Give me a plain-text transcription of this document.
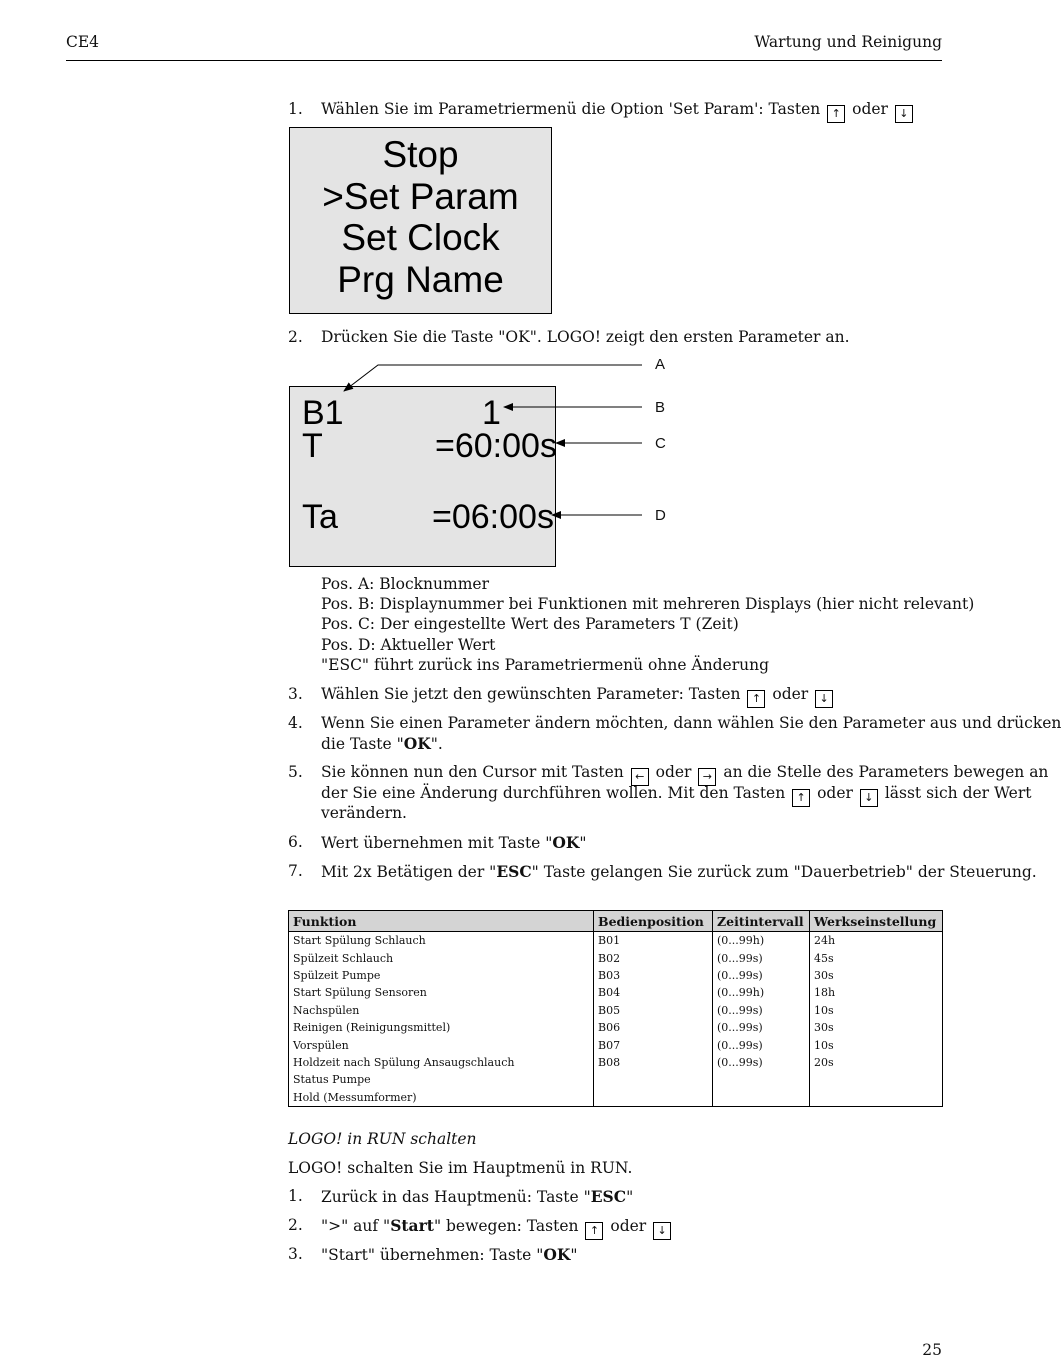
CE4	Wartung und Reinigung
1.	Wählen Sie im Parametriermenü die Option 'Set Param': Tasten ↑ oder ↓
Stop
>Set Param
Set Clock
Prg Name
2.	Drücken Sie die Taste "OK". LOGO! zeigt den ersten Parameter an.
B1	1
T	=60:00s
Ta	=06:00s
A
B
C
D
Pos. A: Blocknummer
Pos. B: Displaynummer bei Funktionen mit mehreren Displays (hier nicht relevant)
Pos. C: Der eingestellte Wert des Parameters T (Zeit)
Pos. D: Aktueller Wert
"ESC" führt zurück ins Parametriermenü ohne Änderung
3.	Wählen Sie jetzt den gewünschten Parameter: Tasten ↑ oder ↓
4.	Wenn Sie einen Parameter ändern möchten, dann wählen Sie den Parameter aus und drücken
die Taste "OK".
5.	Sie können nun den Cursor mit Tasten ← oder → an die Stelle des Parameters bewegen an
der Sie eine Änderung durchführen wollen. Mit den Tasten ↑ oder ↓ lässt sich der Wert
verändern.
6.	Wert übernehmen mit Taste "OK"
7.	Mit 2x Betätigen der "ESC" Taste gelangen Sie zurück zum "Dauerbetrieb" der Steuerung.
Funktion	Bedienposition	Zeitintervall	Werkseinstellung
Start Spülung Schlauch	B01	(0...99h)	24h
Spülzeit Schlauch	B02	(0...99s)	45s
Spülzeit Pumpe	B03	(0...99s)	30s
Start Spülung Sensoren	B04	(0...99h)	18h
Nachspülen	B05	(0...99s)	10s
Reinigen (Reinigungsmittel)	B06	(0...99s)	30s
Vorspülen	B07	(0...99s)	10s
Holdzeit nach Spülung Ansaugschlauch	B08	(0...99s)	20s
Status Pumpe			
Hold (Messumformer)			
LOGO! in RUN schalten
LOGO! schalten Sie im Hauptmenü in RUN.
1.	Zurück in das Hauptmenü: Taste "ESC"
2.	">" auf "Start" bewegen: Tasten ↑ oder ↓
3.	"Start" übernehmen: Taste "OK"
25
